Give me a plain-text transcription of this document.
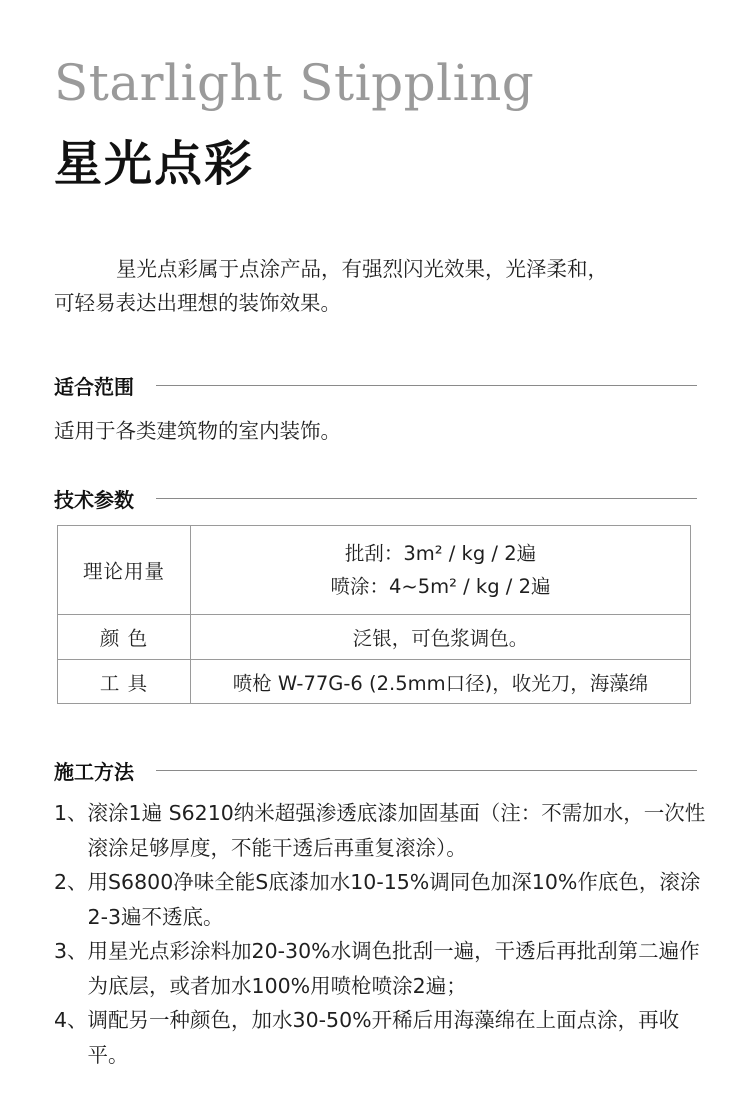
Starlight Stippling
星光点彩

星光点彩属于点涂产品，有强烈闪光效果，光泽柔和，

可轻易表达出理想的装饰效果。

适合范围
适用于各类建筑物的室内装饰。
技术参数
理论用量	批刮：3m² / kg / 2遍
喷涂：4~5m² / kg / 2遍

颜 色	泛银，可色浆调色。
工 具	喷枪 W-77G-6 (2.5mm口径)，收光刀，海藻绵
施工方法
1、 滚涂1遍 S6210纳米超强渗透底漆加固基面（注：不需加水，一次性滚涂足够厚度，不能干透后再重复滚涂）。
2、 用S6800净味全能S底漆加水10-15%调同色加深10%作底色，滚涂2-3遍不透底。
3、 用星光点彩涂料加20-30%水调色批刮一遍，干透后再批刮第二遍作为底层，或者加水100%用喷枪喷涂2遍；
4、 调配另一种颜色，加水30-50%开稀后用海藻绵在上面点涂，再收平。
